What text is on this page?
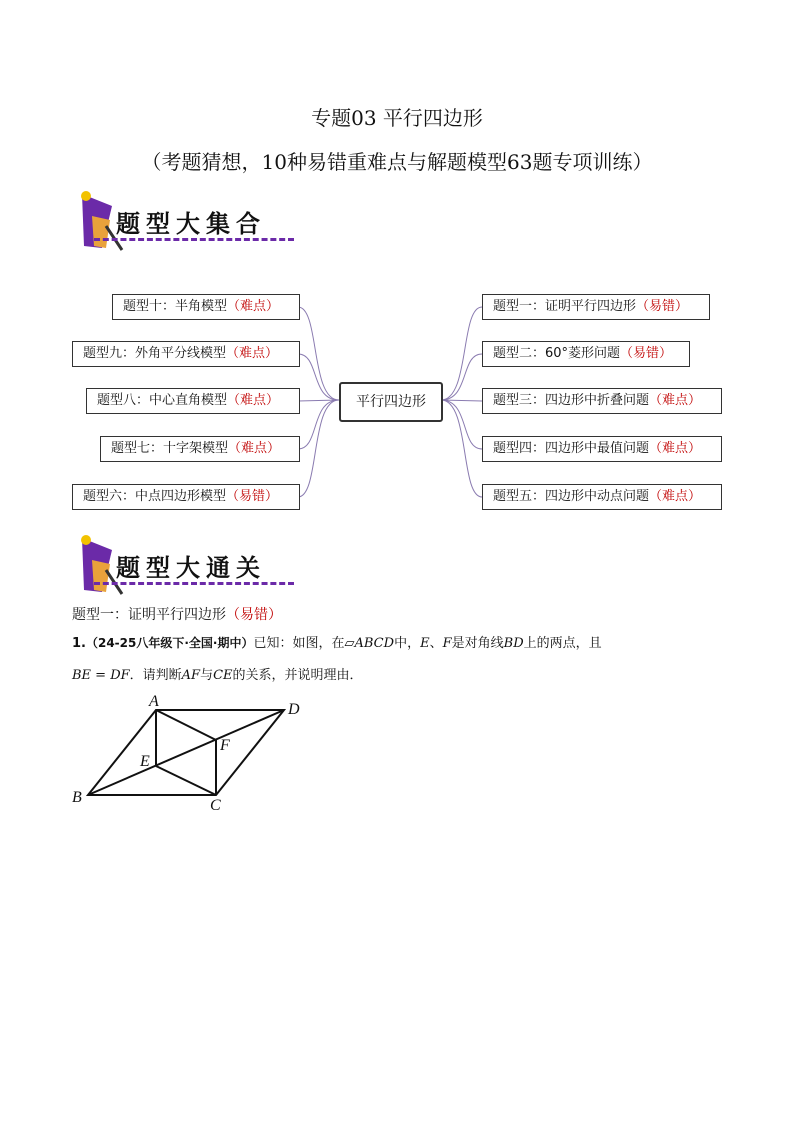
专题03 平行四边形
（考题猜想，10种易错重难点与解题模型63题专项训练）
题型大集合
平行四边形
题型十：半角模型（难点）
题型九：外角平分线模型（难点）
题型八：中心直角模型（难点）
题型七：十字架模型（难点）
题型六：中点四边形模型（易错）
题型一：证明平行四边形（易错）
题型二：60°菱形问题（易错）
题型三：四边形中折叠问题（难点）
题型四：四边形中最值问题（难点）
题型五：四边形中动点问题（难点）
题型大通关
题型一：证明平行四边形（易错）
1.（24-25八年级下·全国·期中）已知：如图，在▱ABCD中，E、F是对角线BD上的两点，且
BE = DF．请判断AF与CE的关系，并说明理由．
A	D
B	C
E
F
